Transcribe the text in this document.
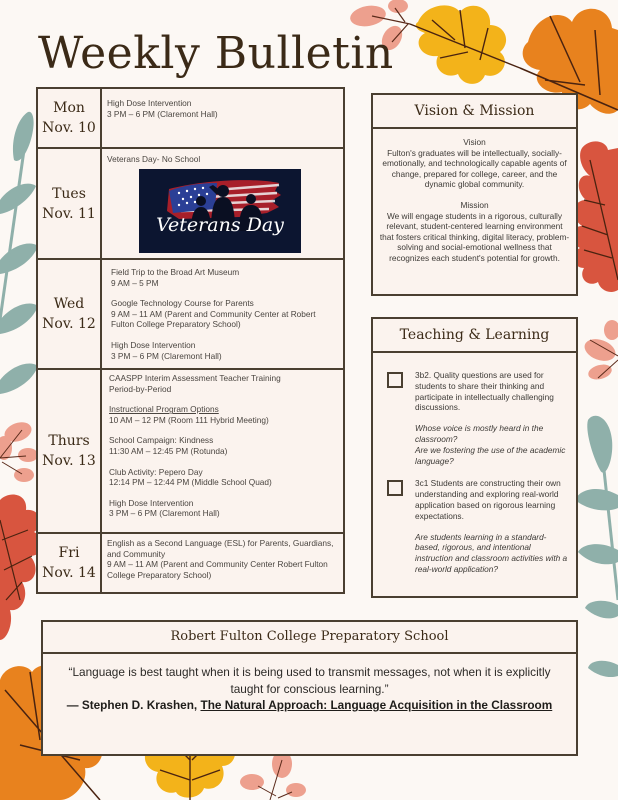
Weekly Bulletin
Mon
Nov. 10
High Dose Intervention
3 PM – 6 PM (Claremont Hall)
Tues
Nov. 11
Veterans Day- No School
Veterans Day
Wed
Nov. 12
Field Trip to the Broad Art Museum
9 AM – 5 PM
Google Technology Course for Parents
9 AM – 11 AM (Parent and Community Center at Robert Fulton College Preparatory School)
High Dose Intervention
3 PM – 6 PM (Claremont Hall)
Thurs
Nov. 13
CAASPP Interim Assessment Teacher Training
Period-by-Period
Instructional Program Options
10 AM – 12 PM (Room 111 Hybrid Meeting)
School Campaign: Kindness
11:30 AM – 12:45 PM (Rotunda)
Club Activity: Pepero Day
12:14 PM – 12:44 PM (Middle School Quad)
High Dose Intervention
3 PM – 6 PM (Claremont Hall)
Fri
Nov. 14
English as a Second Language (ESL) for Parents, Guardians, and Community
9 AM – 11 AM (Parent and Community Center Robert Fulton College Preparatory School)
Vision & Mission
Vision
Fulton's graduates will be intellectually, socially-emotionally, and technologically capable agents of change, prepared for college, career, and the dynamic global community.
Mission
We will engage students in a rigorous, culturally relevant, student-centered learning environment that fosters critical thinking, digital literacy, problem-solving and social-emotional wellness that recognizes each student's potential for growth.
Teaching & Learning
3b2. Quality questions are used for students to share their thinking and participate in intellectually challenging discussions.
Whose voice is mostly heard in the classroom?
Are we fostering the use of the academic language?
3c1 Students are constructing their own understanding and exploring real-world application based on rigorous learning expectations.
Are students learning in a standard-based, rigorous, and intentional instruction and classroom activities with a real-world application?
Robert Fulton College Preparatory School
“Language is best taught when it is being used to transmit messages, not when it is explicitly taught for conscious learning.”
— Stephen D. Krashen, The Natural Approach: Language Acquisition in the Classroom
